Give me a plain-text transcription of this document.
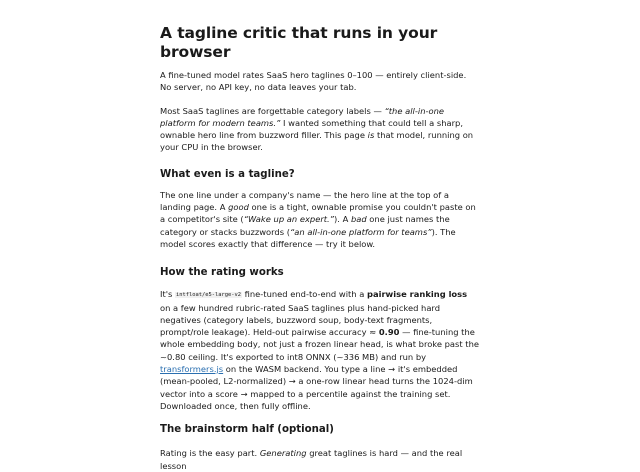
A tagline critic that runs in your browser

A fine-tuned model rates SaaS hero taglines 0–100 — entirely client-side. No server, no API key, no data leaves your tab.

Most SaaS taglines are forgettable category labels — “the all-in-one platform for modern teams.” I wanted something that could tell a sharp, ownable hero line from buzzword filler. This page is that model, running on your CPU in the browser.

What even is a tagline?

The one line under a company's name — the hero line at the top of a landing page. A good one is a tight, ownable promise you couldn't paste on a competitor's site (“Wake up an expert.”). A bad one just names the category or stacks buzzwords (“an all-in-one platform for teams”). The model scores exactly that difference — try it below.

How the rating works

It's intfloat/e5-large-v2 fine-tuned end-to-end with a pairwise ranking loss on a few hundred rubric-rated SaaS taglines plus hand-picked hard negatives (category labels, buzzword soup, body-text fragments, prompt/role leakage). Held-out pairwise accuracy ≈ 0.90 — fine-tuning the whole embedding body, not just a frozen linear head, is what broke past the ~0.80 ceiling. It's exported to int8 ONNX (~336 MB) and run by transformers.js on the WASM backend. You type a line → it's embedded (mean-pooled, L2-normalized) → a one-row linear head turns the 1024-dim vector into a score → mapped to a percentile against the training set. Downloaded once, then fully offline.

The brainstorm half (optional)

Rating is the easy part. Generating great taglines is hard — and the real lesson
